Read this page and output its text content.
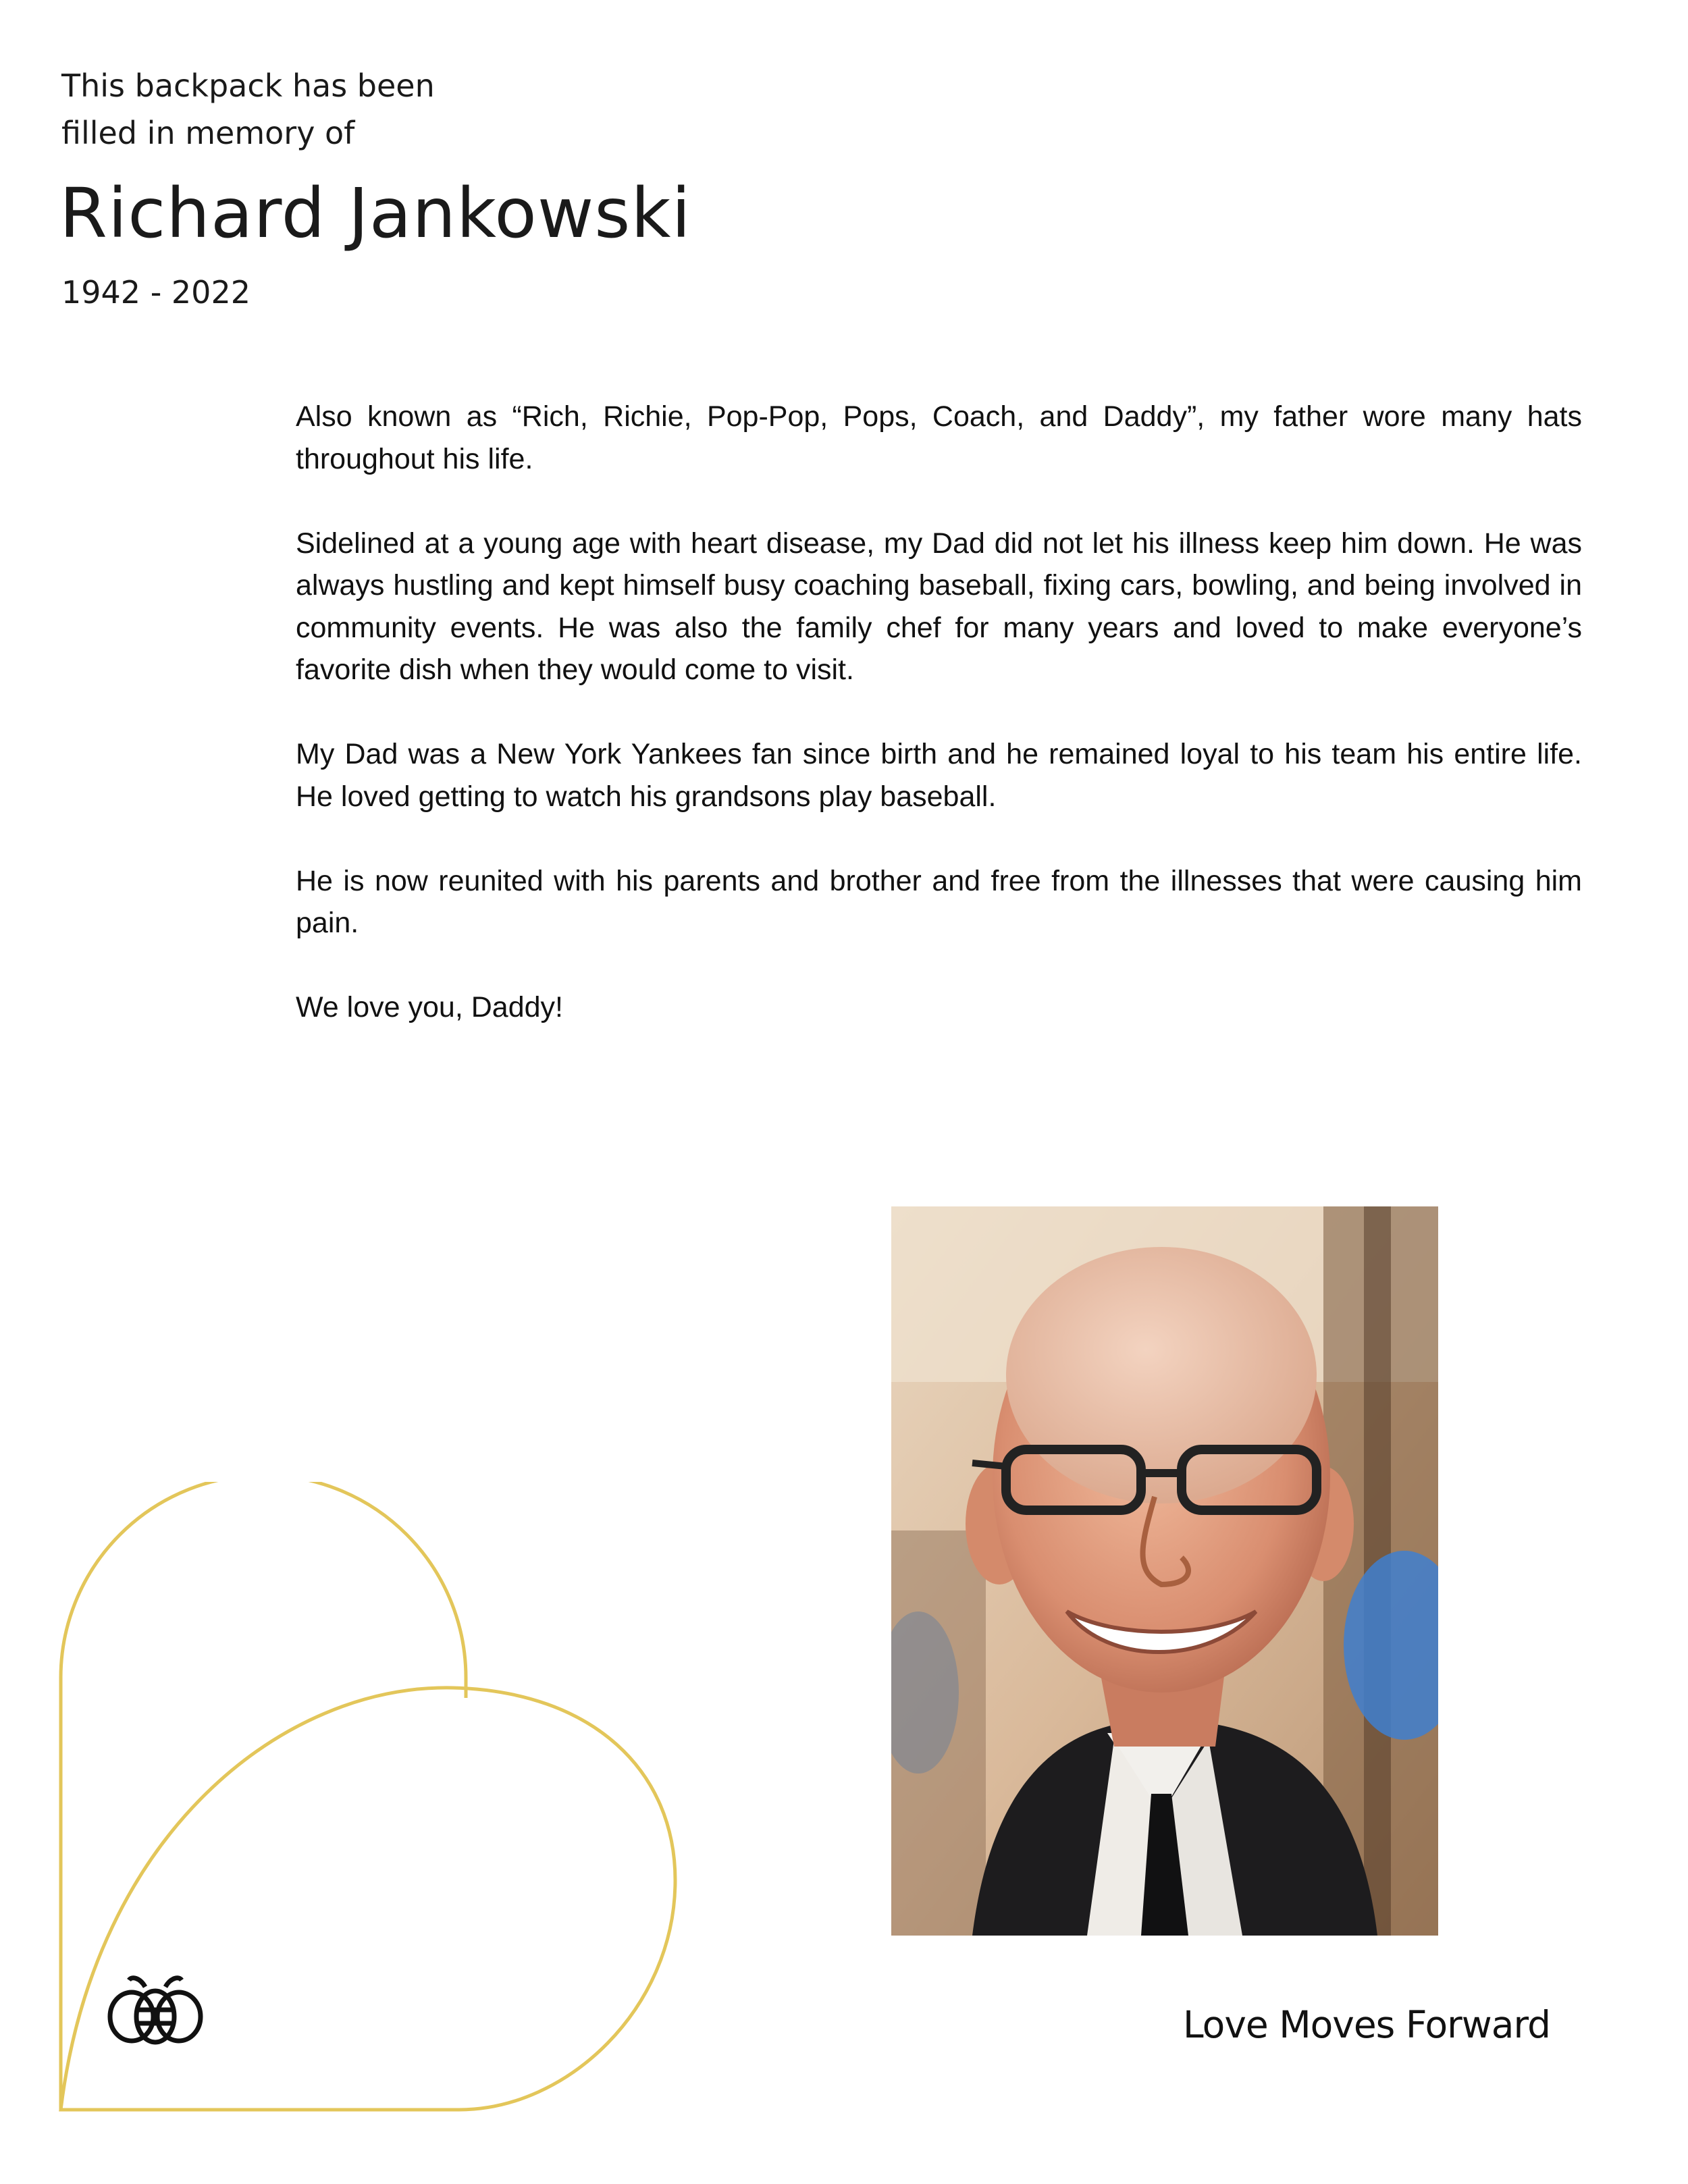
This backpack has been
filled in memory of
Richard Jankowski
1942 - 2022

Also known as “Rich, Richie, Pop-Pop, Pops, Coach, and Daddy”, my father wore many hats throughout his life.

Sidelined at a young age with heart disease, my Dad did not let his illness keep him down. He was always hustling and kept himself busy coaching baseball, fixing cars, bowling, and being involved in community events. He was also the family chef for many years and loved to make everyone’s favorite dish when they would come to visit.

My Dad was a New York Yankees fan since birth and he remained loyal to his team his entire life. He loved getting to watch his grandsons play baseball.

He is now reunited with his parents and brother and free from the illnesses that were causing him pain.

We love you, Daddy!

Love Moves Forward
